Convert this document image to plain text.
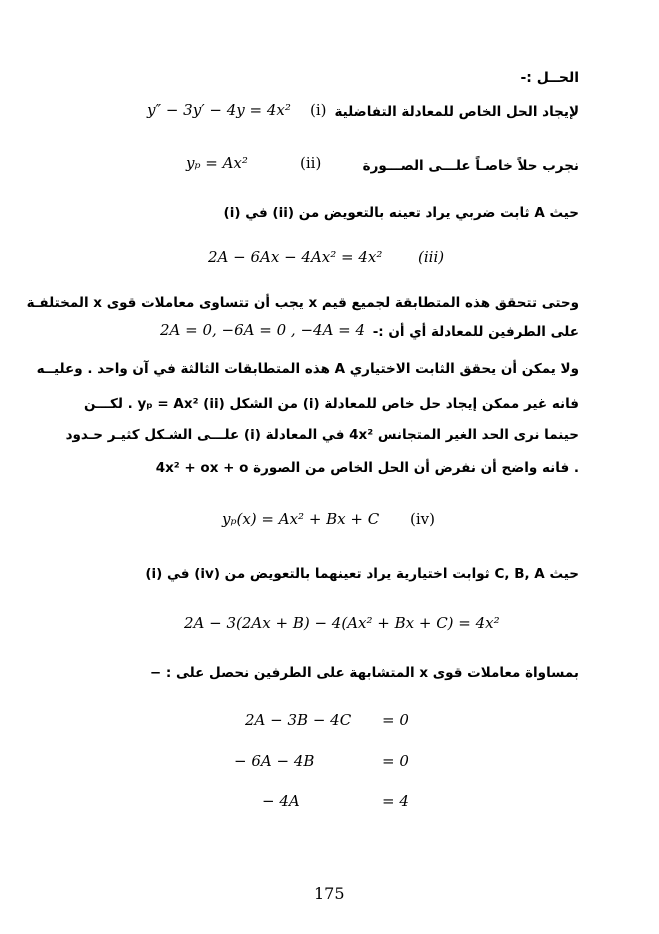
الحــل :-
لإيجاد الحل الخاص للمعادلة التفاضلية
(i)
y″ − 3y′ − 4y = 4x²
نجرب حلاً خاصـاً علـــى الصـــورة
(ii)
yₚ = Ax²
حيث A ثابت ضربي يراد تعينه بالتعويض من (ii) في (i)
2A − 6Ax − 4Ax² = 4x² (iii)
وحتى تتحقق هذه المتطابقة لجميع قيم x يجب أن تتساوى معاملات قوى x المختلفـة
على الطرفين للمعادلة أي أن :-
2A = 0, −6A = 0 , −4A = 4
ولا يمكن أن يحقق الثابت الاختياري A هذه المتطابقات الثالثة في آن واحد . وعليــه
فانه غير ممكن إيجاد حل خاص للمعادلة (i) من الشكل (ii) yₚ = Ax² . لكـــن
حينما نرى الحد الغير المتجانس 4x² في المعادلة (i) علـــى الشـكل كثيـر حـدود
4x² + ox + o فانه واضح أن نفرض أن الحل الخاص من الصورة .
yₚ(x) = Ax² + Bx + C (iv)
حيث C, B, A ثوابت اختيارية يراد تعينهما بالتعويض من (iv) في (i)
2A − 3(2Ax + B) − 4(Ax² + Bx + C) = 4x²
بمساواة معاملات قوى x المتشابهة على الطرفين نحصل على : −
2A − 3B − 4C = 0
− 6A − 4B	= 0
− 4A	= 4
175
